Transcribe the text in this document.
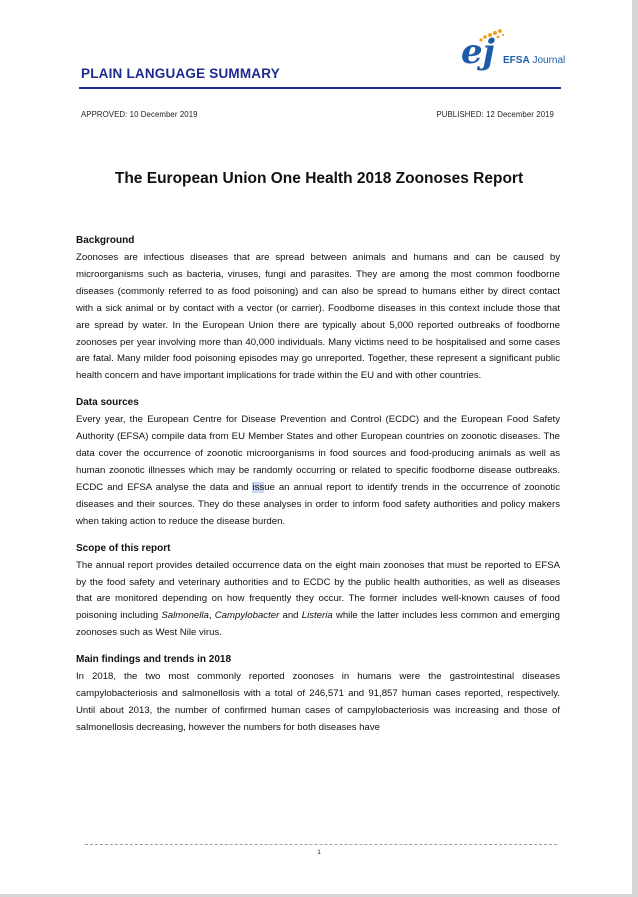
PLAIN LANGUAGE SUMMARY
ej EFSA Journal
APPROVED: 10 December 2019	PUBLISHED: 12 December 2019
The European Union One Health 2018 Zoonoses Report
Background

Zoonoses are infectious diseases that are spread between animals and humans and can be caused by microorganisms such as bacteria, viruses, fungi and parasites. They are among the most common foodborne diseases (commonly referred to as food poisoning) and can also be spread to humans either by direct contact with a sick animal or by contact with a vector (or carrier). Foodborne diseases in this context include those that are spread by water. In the European Union there are typically about 5,000 reported outbreaks of foodborne zoonoses per year involving more than 40,000 individuals. Many victims need to be hospitalised and some cases are fatal. Many milder food poisoning episodes may go unreported. Together, these represent a significant public health concern and have important implications for trade within the EU and with other countries.

Data sources

Every year, the European Centre for Disease Prevention and Control (ECDC) and the European Food Safety Authority (EFSA) compile data from EU Member States and other European countries on zoonotic diseases. The data cover the occurrence of zoonotic microorganisms in food sources and food-producing animals as well as human zoonotic illnesses which may be randomly occurring or related to specific foodborne disease outbreaks. ECDC and EFSA analyse the data and issue an annual report to identify trends in the occurrence of zoonotic diseases and their sources. They do these analyses in order to inform food safety authorities and policy makers when taking action to reduce the disease burden.

Scope of this report

The annual report provides detailed occurrence data on the eight main zoonoses that must be reported to EFSA by the food safety and veterinary authorities and to ECDC by the public health authorities, as well as diseases that are monitored depending on how frequently they occur. The former includes well-known causes of food poisoning including Salmonella, Campylobacter and Listeria while the latter includes less common and emerging zoonoses such as West Nile virus.

Main findings and trends in 2018

In 2018, the two most commonly reported zoonoses in humans were the gastrointestinal diseases campylobacteriosis and salmonellosis with a total of 246,571 and 91,857 human cases reported, respectively. Until about 2013, the number of confirmed human cases of campylobacteriosis was increasing and those of salmonellosis decreasing, however the numbers for both diseases have

1
